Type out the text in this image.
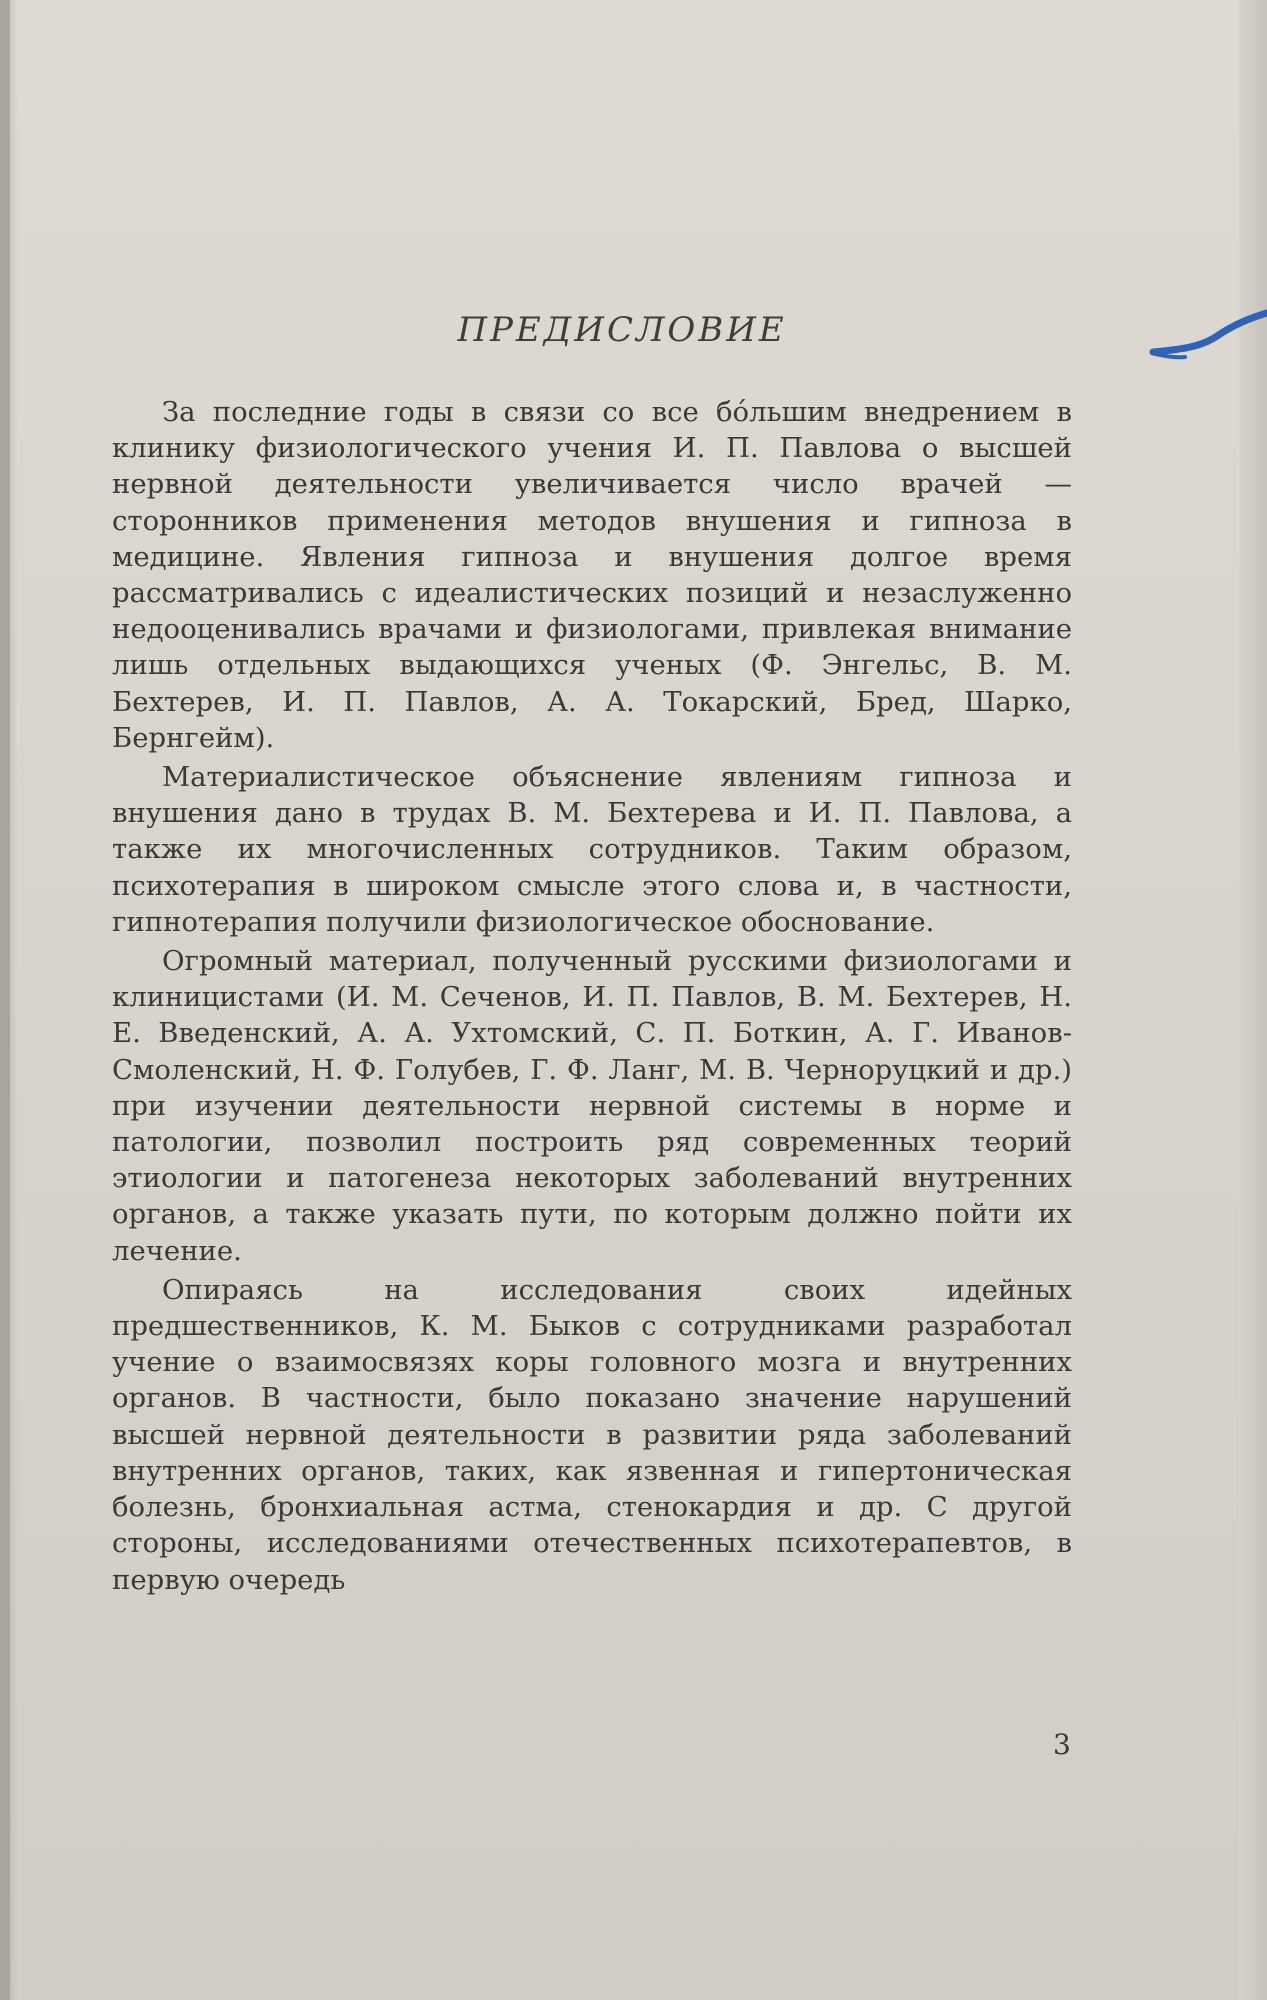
ПРЕДИСЛОВИЕ

За последние годы в связи со все бо́льшим внедрением в клинику физиологического учения И. П. Павлова о высшей нервной деятельности увеличивается число врачей — сторонников применения методов внушения и гипноза в медицине. Явления гипноза и внушения долгое время рассматривались с идеалистических позиций и незаслуженно недооценивались врачами и физиологами, привлекая внимание лишь отдельных выдающихся ученых (Ф. Энгельс, В. М. Бехтерев, И. П. Павлов, А. А. Токарский, Бред, Шарко, Бернгейм).

Материалистическое объяснение явлениям гипноза и внушения дано в трудах В. М. Бехтерева и И. П. Павлова, а также их многочисленных сотрудников. Таким образом, психотерапия в широком смысле этого слова и, в частности, гипнотерапия получили физиологическое обоснование.

Огромный материал, полученный русскими физиологами и клиницистами (И. М. Сеченов, И. П. Павлов, В. М. Бехтерев, Н. Е. Введенский, А. А. Ухтомский, С. П. Боткин, А. Г. Иванов-Смоленский, Н. Ф. Голубев, Г. Ф. Ланг, М. В. Черноруцкий и др.) при изучении деятельности нервной системы в норме и патологии, позволил построить ряд современных теорий этиологии и патогенеза некоторых заболеваний внутренних органов, а также указать пути, по которым должно пойти их лечение.

Опираясь на исследования своих идейных предшественников, К. М. Быков с сотрудниками разработал учение о взаимосвязях коры головного мозга и внутренних органов. В частности, было показано значение нарушений высшей нервной деятельности в развитии ряда заболеваний внутренних органов, таких, как язвенная и гипертоническая болезнь, бронхиальная астма, стенокардия и др. С другой стороны, исследованиями отечественных психотерапевтов, в первую очередь

3
